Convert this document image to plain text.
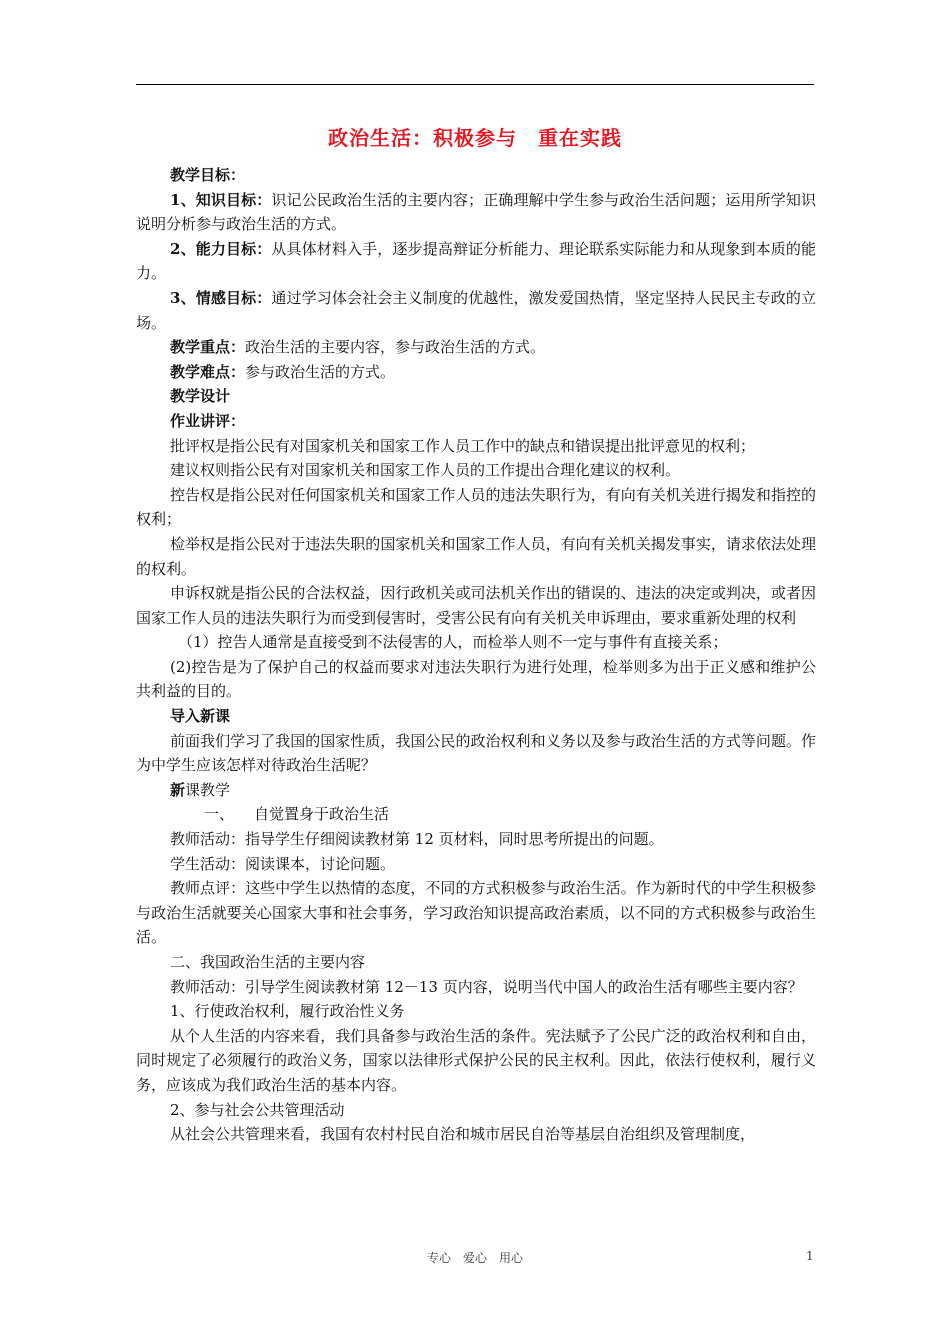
政治生活：积极参与　重在实践

教学目标：

1、知识目标：识记公民政治生活的主要内容；正确理解中学生参与政治生活问题；运用所学知识说明分析参与政治生活的方式。

2、能力目标：从具体材料入手，逐步提高辩证分析能力、理论联系实际能力和从现象到本质的能力。

3、情感目标：通过学习体会社会主义制度的优越性，激发爱国热情，坚定坚持人民民主专政的立场。

教学重点：政治生活的主要内容，参与政治生活的方式。

教学难点：参与政治生活的方式。

教学设计

作业讲评：

批评权是指公民有对国家机关和国家工作人员工作中的缺点和错误提出批评意见的权利；

建议权则指公民有对国家机关和国家工作人员的工作提出合理化建议的权利。

控告权是指公民对任何国家机关和国家工作人员的违法失职行为，有向有关机关进行揭发和指控的权利；

检举权是指公民对于违法失职的国家机关和国家工作人员，有向有关机关揭发事实，请求依法处理的权利。

申诉权就是指公民的合法权益，因行政机关或司法机关作出的错误的、违法的决定或判决，或者因国家工作人员的违法失职行为而受到侵害时，受害公民有向有关机关申诉理由，要求重新处理的权利

（1）控告人通常是直接受到不法侵害的人，而检举人则不一定与事件有直接关系；

(2)控告是为了保护自己的权益而要求对违法失职行为进行处理，检举则多为出于正义感和维护公共利益的目的。

导入新课

前面我们学习了我国的国家性质，我国公民的政治权利和义务以及参与政治生活的方式等问题。作为中学生应该怎样对待政治生活呢？

新课教学

一、 自觉置身于政治生活

教师活动：指导学生仔细阅读教材第 12 页材料，同时思考所提出的问题。

学生活动：阅读课本，讨论问题。

教师点评：这些中学生以热情的态度，不同的方式积极参与政治生活。作为新时代的中学生积极参与政治生活就要关心国家大事和社会事务，学习政治知识提高政治素质，以不同的方式积极参与政治生活。

二、我国政治生活的主要内容

教师活动：引导学生阅读教材第 12－13 页内容，说明当代中国人的政治生活有哪些主要内容？

1、行使政治权利，履行政治性义务

从个人生活的内容来看，我们具备参与政治生活的条件。宪法赋予了公民广泛的政治权利和自由，同时规定了必须履行的政治义务，国家以法律形式保护公民的民主权利。因此，依法行使权利，履行义务，应该成为我们政治生活的基本内容。

2、参与社会公共管理活动

从社会公共管理来看，我国有农村村民自治和城市居民自治等基层自治组织及管理制度，

专心　爱心　用心	1
